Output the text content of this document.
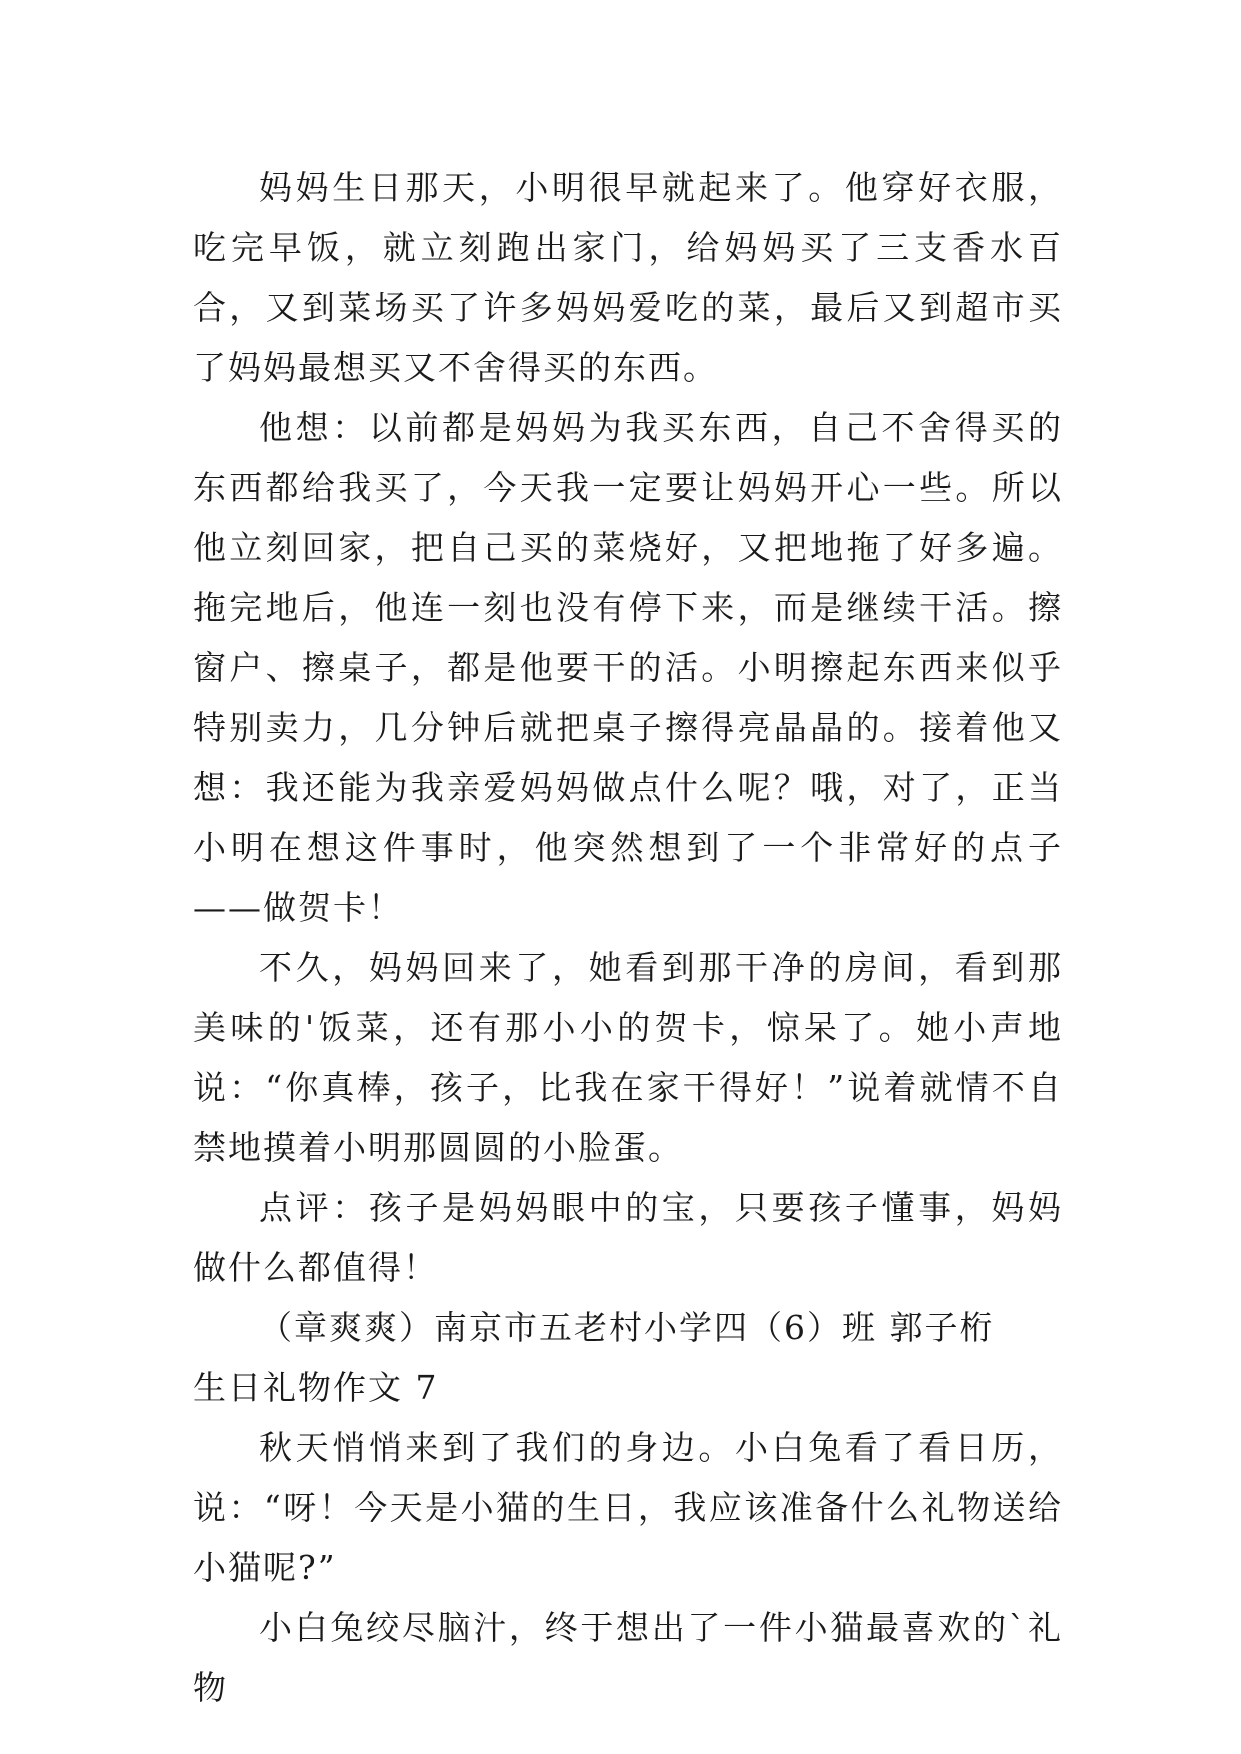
妈妈生日那天，小明很早就起来了。他穿好衣服，吃完早饭，就立刻跑出家门，给妈妈买了三支香水百合，又到菜场买了许多妈妈爱吃的菜，最后又到超市买了妈妈最想买又不舍得买的东西。

他想：以前都是妈妈为我买东西，自己不舍得买的东西都给我买了，今天我一定要让妈妈开心一些。所以他立刻回家，把自己买的菜烧好，又把地拖了好多遍。拖完地后，他连一刻也没有停下来，而是继续干活。擦窗户、擦桌子，都是他要干的活。小明擦起东西来似乎特别卖力，几分钟后就把桌子擦得亮晶晶的。接着他又想：我还能为我亲爱妈妈做点什么呢？哦，对了，正当小明在想这件事时，他突然想到了一个非常好的点子——做贺卡！

不久，妈妈回来了，她看到那干净的房间，看到那美味的'饭菜，还有那小小的贺卡，惊呆了。她小声地说：“你真棒，孩子，比我在家干得好！”说着就情不自禁地摸着小明那圆圆的小脸蛋。

点评：孩子是妈妈眼中的宝，只要孩子懂事，妈妈做什么都值得！

（章爽爽）南京市五老村小学四（6）班 郭子桁

生日礼物作文 7

秋天悄悄来到了我们的身边。小白兔看了看日历，说：“呀！今天是小猫的生日，我应该准备什么礼物送给小猫呢?”

小白兔绞尽脑汁，终于想出了一件小猫最喜欢的`礼物
